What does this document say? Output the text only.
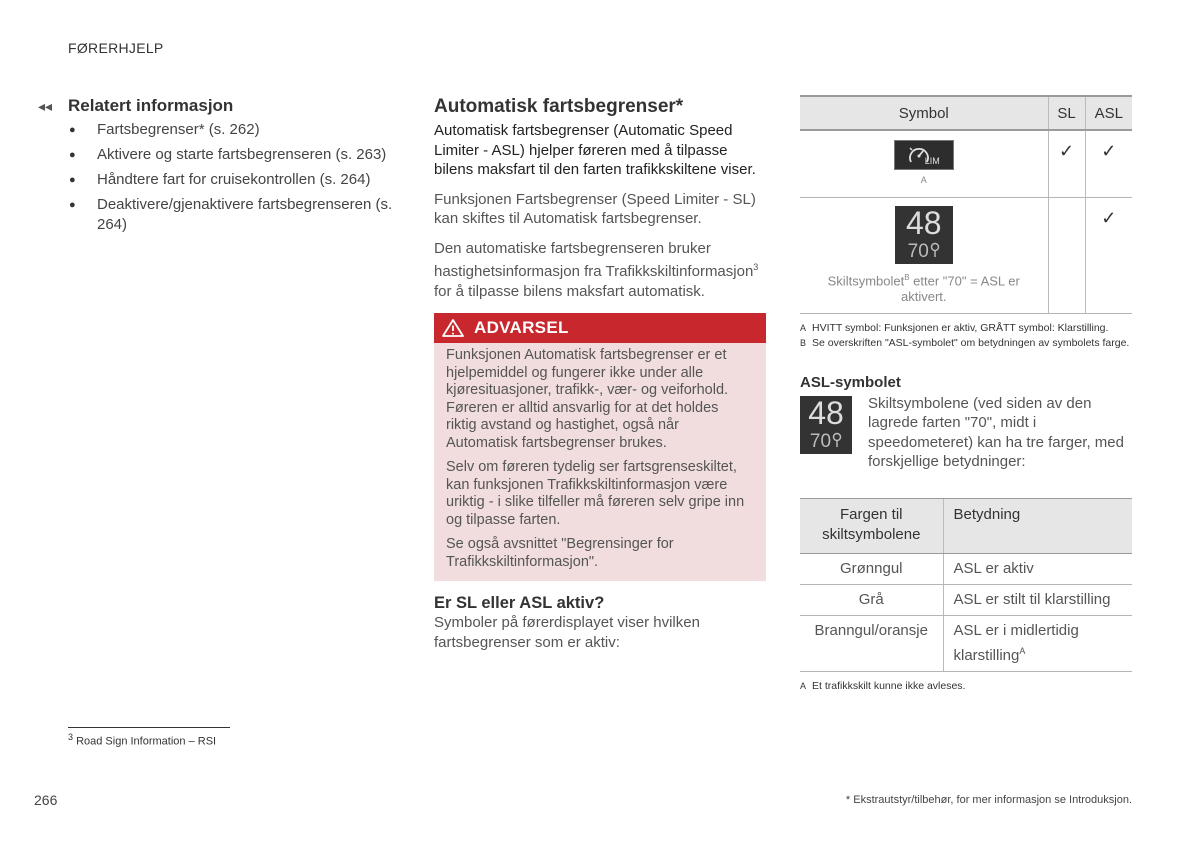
FØRERHJELP
◂◂ Relatert informasjon
● Fartsbegrenser* (s. 262)
● Aktivere og starte fartsbegrenseren (s. 263)
● Håndtere fart for cruisekontrollen (s. 264)
● Deaktivere/gjenaktivere fartsbegrenseren (s. 264)
Automatisk fartsbegrenser*
Automatisk fartsbegrenser (Automatic Speed Limiter - ASL) hjelper føreren med å tilpasse bilens maksfart til den farten trafikkskiltene viser.
Funksjonen Fartsbegrenser (Speed Limiter - SL) kan skiftes til Automatisk fartsbegrenser.
Den automatiske fartsbegrenseren bruker hastighetsinformasjon fra Trafikkskiltinformasjon$^3$ for å tilpasse bilens maksfart automatisk.
ADVARSEL

Funksjonen Automatisk fartsbegrenser er et hjelpemiddel og fungerer ikke under alle kjøresituasjoner, trafikk-, vær- og veiforhold. Føreren er alltid ansvarlig for at det holdes riktig avstand og hastighet, også når Automatisk fartsbegrenser brukes.

Selv om føreren tydelig ser fartsgrenseskiltet, kan funksjonen Trafikkskiltinformasjon være uriktig - i slike tilfeller må føreren selv gripe inn og tilpasse farten.

Se også avsnittet "Begrensinger for Trafikkskiltinformasjon".

Er SL eller ASL aktiv?
Symboler på førerdisplayet viser hvilken fartsbegrenser som er aktiv:
Symbol	SL	ASL

LIM
A	✓	✓

48
70
Skiltsymbolet$^B$ etter "70" = ASL er aktivert.		✓
A HVITT symbol: Funksjonen er aktiv, GRÅTT symbol: Klarstilling.
B Se overskriften "ASL-symbolet" om betydningen av symbolets farge.
ASL-symbolet
48
70
Skiltsymbolene (ved siden av den lagrede farten "70", midt i speedometeret) kan ha tre farger, med forskjellige betydninger:
Fargen til skiltsymbolene	Betydning
Grønngul	ASL er aktiv
Grå	ASL er stilt til klarstilling
Branngul/oransje	ASL er i midlertidig klarstilling$^A$
A Et trafikkskilt kunne ikke avleses.
$^3$ Road Sign Information – RSI
266	* Ekstrautstyr/tilbehør, for mer informasjon se Introduksjon.
